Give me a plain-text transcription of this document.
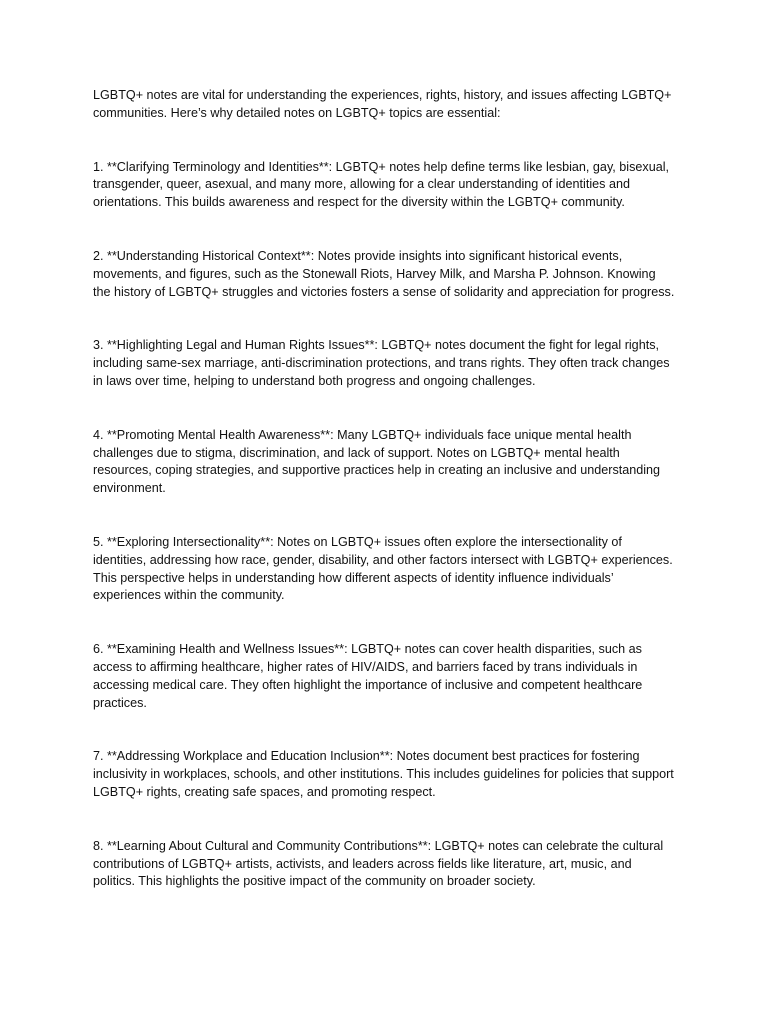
LGBTQ+ notes are vital for understanding the experiences, rights, history, and issues affecting LGBTQ+ communities. Here’s why detailed notes on LGBTQ+ topics are essential:

1. **Clarifying Terminology and Identities**: LGBTQ+ notes help define terms like lesbian, gay, bisexual, transgender, queer, asexual, and many more, allowing for a clear understanding of identities and orientations. This builds awareness and respect for the diversity within the LGBTQ+ community.

2. **Understanding Historical Context**: Notes provide insights into significant historical events, movements, and figures, such as the Stonewall Riots, Harvey Milk, and Marsha P. Johnson. Knowing the history of LGBTQ+ struggles and victories fosters a sense of solidarity and appreciation for progress.

3. **Highlighting Legal and Human Rights Issues**: LGBTQ+ notes document the fight for legal rights, including same-sex marriage, anti-discrimination protections, and trans rights. They often track changes in laws over time, helping to understand both progress and ongoing challenges.

4. **Promoting Mental Health Awareness**: Many LGBTQ+ individuals face unique mental health challenges due to stigma, discrimination, and lack of support. Notes on LGBTQ+ mental health resources, coping strategies, and supportive practices help in creating an inclusive and understanding environment.

5. **Exploring Intersectionality**: Notes on LGBTQ+ issues often explore the intersectionality of identities, addressing how race, gender, disability, and other factors intersect with LGBTQ+ experiences. This perspective helps in understanding how different aspects of identity influence individuals’ experiences within the community.

6. **Examining Health and Wellness Issues**: LGBTQ+ notes can cover health disparities, such as access to affirming healthcare, higher rates of HIV/AIDS, and barriers faced by trans individuals in accessing medical care. They often highlight the importance of inclusive and competent healthcare practices.

7. **Addressing Workplace and Education Inclusion**: Notes document best practices for fostering inclusivity in workplaces, schools, and other institutions. This includes guidelines for policies that support LGBTQ+ rights, creating safe spaces, and promoting respect.

8. **Learning About Cultural and Community Contributions**: LGBTQ+ notes can celebrate the cultural contributions of LGBTQ+ artists, activists, and leaders across fields like literature, art, music, and politics. This highlights the positive impact of the community on broader society.
